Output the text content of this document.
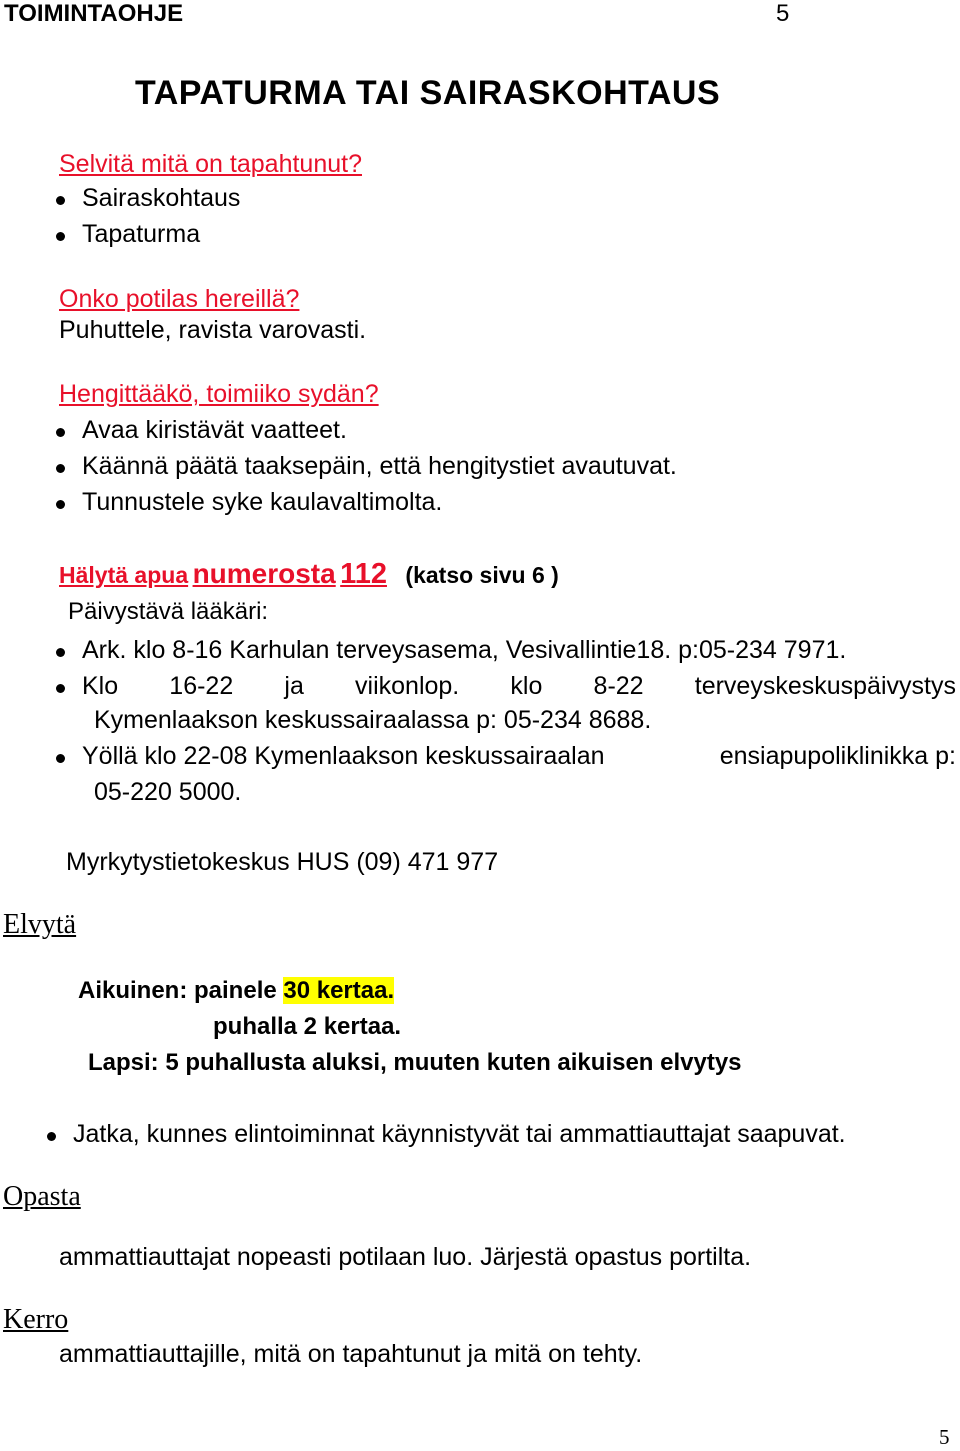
TOIMINTAOHJE	5
TAPATURMA TAI SAIRASKOHTAUS
Selvitä mitä on tapahtunut?
Sairaskohtaus
Tapaturma
Onko potilas hereillä?
Puhuttele, ravista varovasti.
Hengittääkö, toimiiko sydän?
Avaa kiristävät vaatteet.
Käännä päätä taaksepäin, että hengitystiet avautuvat.
Tunnustele syke kaulavaltimolta.
Hälytä apua numerosta 112 (katso sivu 6 )
Päivystävä lääkäri:
Ark. klo 8-16 Karhulan terveysasema, Vesivallintie18. p:05-234 7971.
Klo 16-22 ja viikonlop. klo 8-22 terveyskeskuspäivystys
Kymenlaakson keskussairaalassa p: 05-234 8688.
Yöllä klo 22-08 Kymenlaakson keskussairaalan	ensiapupoliklinikka p:
05-220 5000.
Myrkytystietokeskus HUS (09) 471 977
Elvytä
Aikuinen: painele 30 kertaa.
puhalla 2 kertaa.
Lapsi: 5 puhallusta aluksi, muuten kuten aikuisen elvytys
Jatka, kunnes elintoiminnat käynnistyvät tai ammattiauttajat saapuvat.
Opasta
ammattiauttajat nopeasti potilaan luo. Järjestä opastus portilta.
Kerro
ammattiauttajille, mitä on tapahtunut ja mitä on tehty.
5
